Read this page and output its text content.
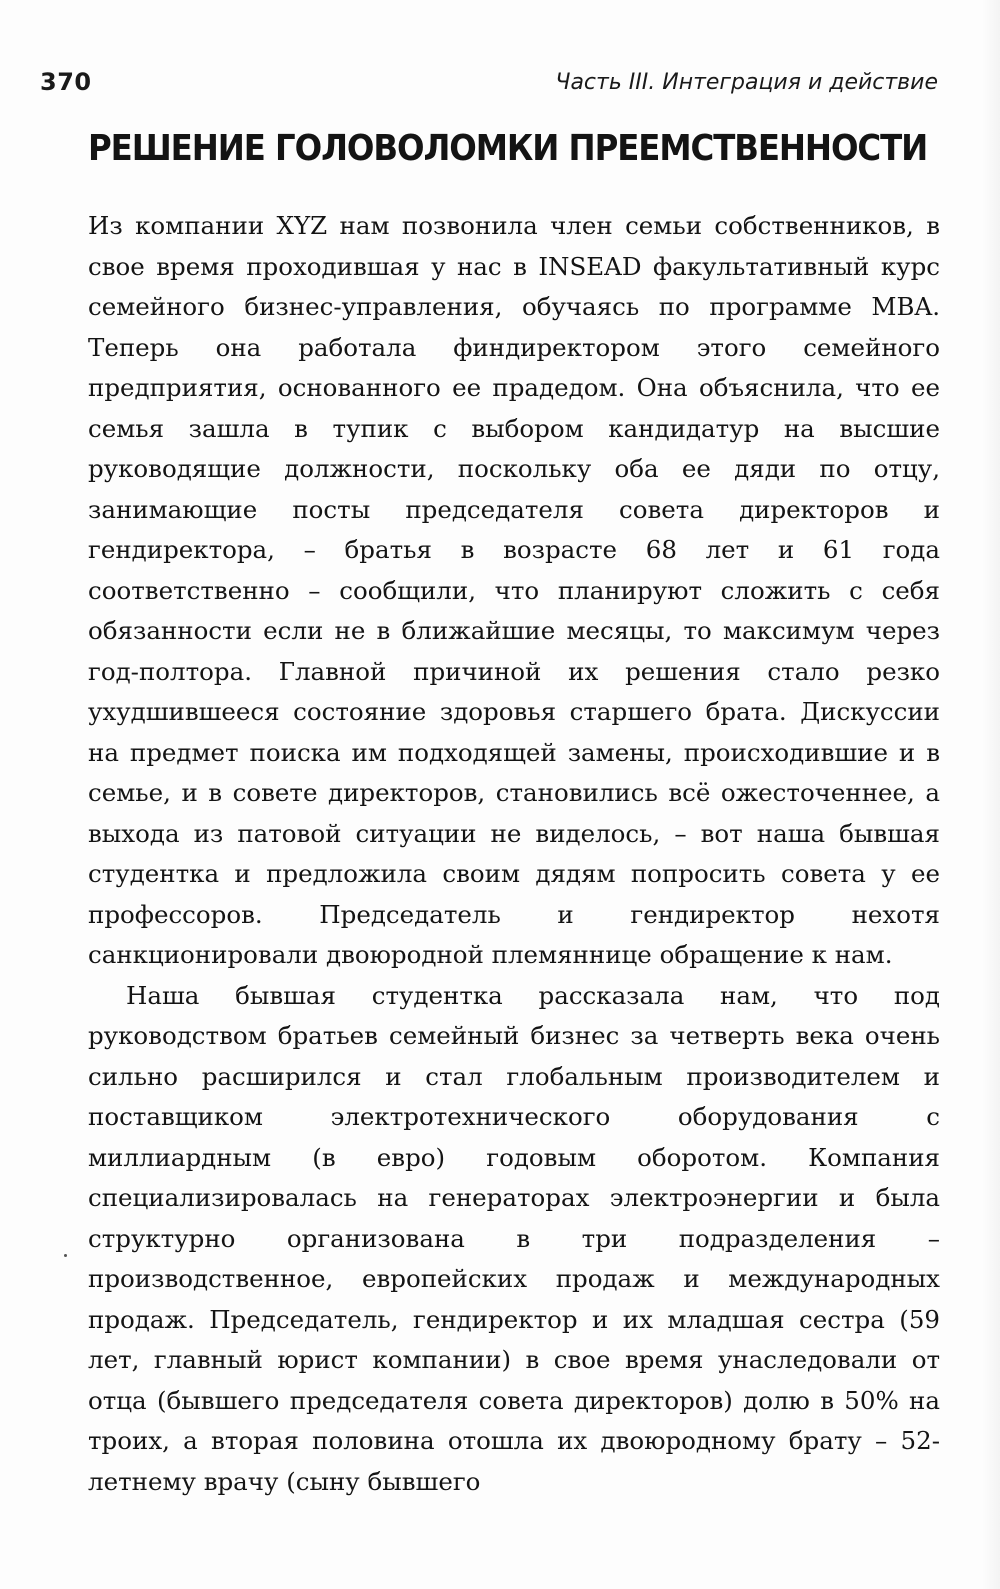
370	Часть III. Интеграция и действие
РЕШЕНИЕ ГОЛОВОЛОМКИ ПРЕЕМСТВЕННОСТИ

Из компании XYZ нам позвонила член семьи собственников, в свое время проходившая у нас в INSEAD факультативный курс семейного бизнес-управления, обучаясь по программе MBA. Теперь она работала финдиректором этого семейного предприятия, основанного ее прадедом. Она объяснила, что ее семья зашла в тупик с выбором кандидатур на высшие руководящие должности, поскольку оба ее дяди по отцу, занимающие посты председателя совета директоров и гендиректора, – братья в возрасте 68 лет и 61 года соответственно – сообщили, что планируют сложить с себя обязанности если не в ближайшие месяцы, то максимум через год-полтора. Главной причиной их решения стало резко ухудшившееся состояние здоровья старшего брата. Дискуссии на предмет поиска им подходящей замены, происходившие и в семье, и в совете директоров, становились всё ожесточеннее, а выхода из патовой ситуации не виделось, – вот наша бывшая студентка и предложила своим дядям попросить совета у ее профессоров. Председатель и гендиректор нехотя санкционировали двоюродной племяннице обращение к нам.

Наша бывшая студентка рассказала нам, что под руководством братьев семейный бизнес за четверть века очень сильно расширился и стал глобальным производителем и поставщиком электротехнического оборудования с миллиардным (в евро) годовым оборотом. Компания специализировалась на генераторах электроэнергии и была структурно организована в три подразделения – производственное, европейских продаж и международных продаж. Председатель, гендиректор и их младшая сестра (59 лет, главный юрист компании) в свое время унаследовали от отца (бывшего председателя совета директоров) долю в 50% на троих, а вторая половина отошла их двоюродному брату – 52-летнему врачу (сыну бывшего
